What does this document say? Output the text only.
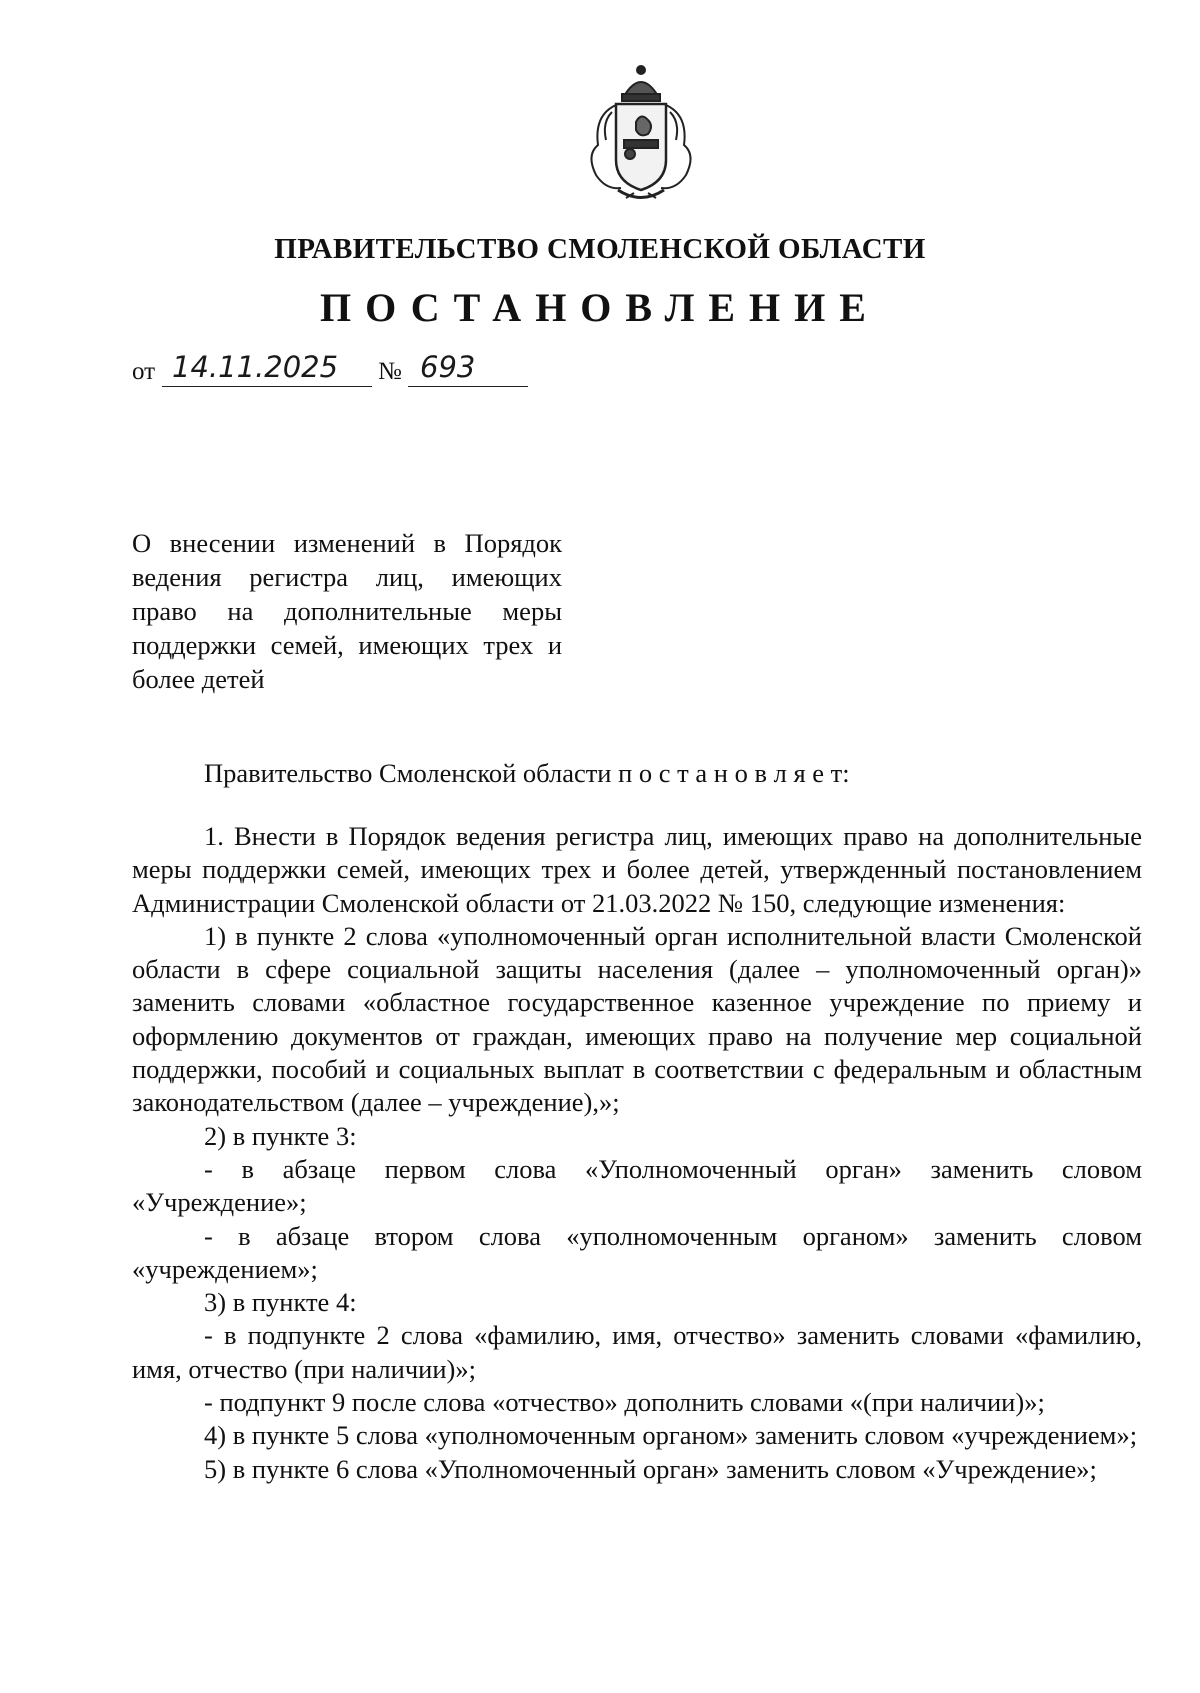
ПРАВИТЕЛЬСТВО СМОЛЕНСКОЙ ОБЛАСТИ
ПОСТАНОВЛЕНИЕ
от 14.11.2025 № 693
О внесении изменений в Порядок ведения регистра лиц, имеющих право на дополнительные меры поддержки семей, имеющих трех и более детей
Правительство Смоленской области п о с т а н о в л я е т:

1. Внести в Порядок ведения регистра лиц, имеющих право на дополнительные меры поддержки семей, имеющих трех и более детей, утвержденный постановлением Администрации Смоленской области от 21.03.2022 № 150, следующие изменения:

1) в пункте 2 слова «уполномоченный орган исполнительной власти Смоленской области в сфере социальной защиты населения (далее – уполномоченный орган)» заменить словами «областное государственное казенное учреждение по приему и оформлению документов от граждан, имеющих право на получение мер социальной поддержки, пособий и социальных выплат в соответствии с федеральным и областным законодательством (далее – учреждение),»;

2) в пункте 3:

- в абзаце первом слова «Уполномоченный орган» заменить словом «Учреждение»;

- в абзаце втором слова «уполномоченным органом» заменить словом «учреждением»;

3) в пункте 4:

- в подпункте 2 слова «фамилию, имя, отчество» заменить словами «фамилию, имя, отчество (при наличии)»;

- подпункт 9 после слова «отчество» дополнить словами «(при наличии)»;

4) в пункте 5 слова «уполномоченным органом» заменить словом «учреждением»;

5) в пункте 6 слова «Уполномоченный орган» заменить словом «Учреждение»;
